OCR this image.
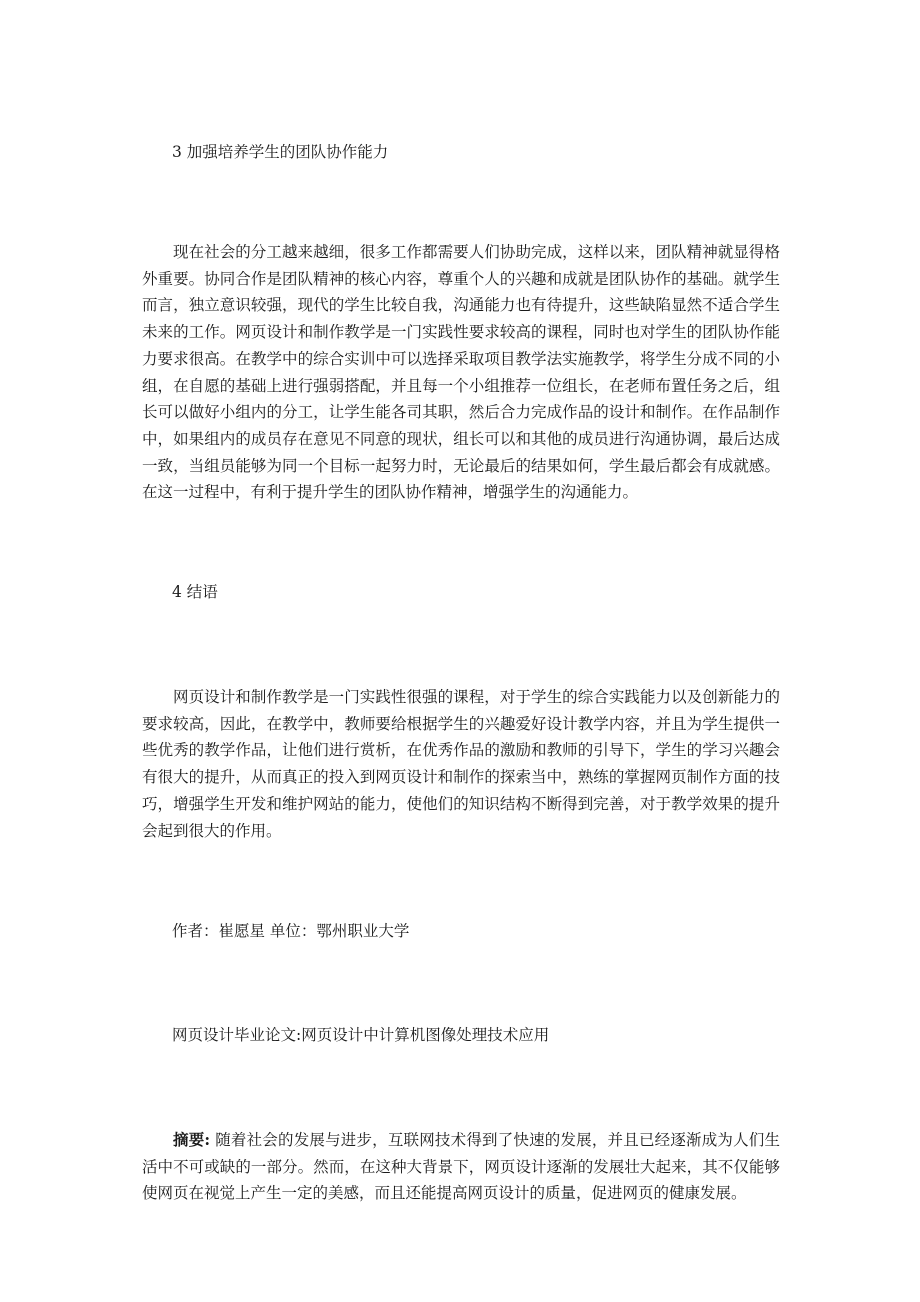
3 加强培养学生的团队协作能力

现在社会的分工越来越细，很多工作都需要人们协助完成，这样以来，团队精神就显得格外重要。协同合作是团队精神的核心内容，尊重个人的兴趣和成就是团队协作的基础。就学生而言，独立意识较强，现代的学生比较自我，沟通能力也有待提升，这些缺陷显然不适合学生未来的工作。网页设计和制作教学是一门实践性要求较高的课程，同时也对学生的团队协作能力要求很高。在教学中的综合实训中可以选择采取项目教学法实施教学，将学生分成不同的小组，在自愿的基础上进行强弱搭配，并且每一个小组推荐一位组长，在老师布置任务之后，组长可以做好小组内的分工，让学生能各司其职，然后合力完成作品的设计和制作。在作品制作中，如果组内的成员存在意见不同意的现状，组长可以和其他的成员进行沟通协调，最后达成一致，当组员能够为同一个目标一起努力时，无论最后的结果如何，学生最后都会有成就感。在这一过程中，有利于提升学生的团队协作精神，增强学生的沟通能力。

4 结语

网页设计和制作教学是一门实践性很强的课程，对于学生的综合实践能力以及创新能力的要求较高，因此，在教学中，教师要给根据学生的兴趣爱好设计教学内容，并且为学生提供一些优秀的教学作品，让他们进行赏析，在优秀作品的激励和教师的引导下，学生的学习兴趣会有很大的提升，从而真正的投入到网页设计和制作的探索当中，熟练的掌握网页制作方面的技巧，增强学生开发和维护网站的能力，使他们的知识结构不断得到完善，对于教学效果的提升会起到很大的作用。

作者：崔愿星 单位：鄂州职业大学

网页设计毕业论文:网页设计中计算机图像处理技术应用

摘要: 随着社会的发展与进步，互联网技术得到了快速的发展，并且已经逐渐成为人们生活中不可或缺的一部分。然而，在这种大背景下，网页设计逐渐的发展壮大起来，其不仅能够使网页在视觉上产生一定的美感，而且还能提高网页设计的质量，促进网页的健康发展。
